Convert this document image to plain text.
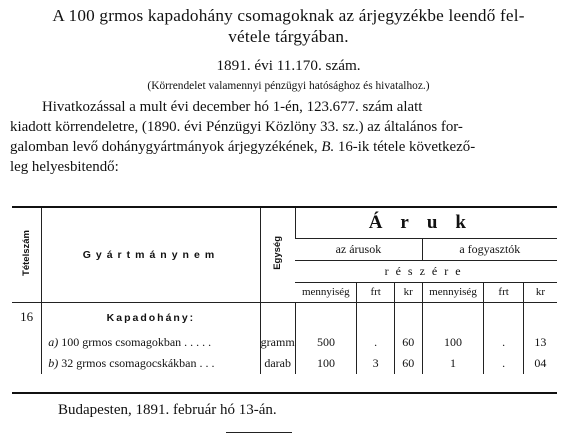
A 100 grmos kapadohány csomagoknak az árjegyzékbe leendő fel-
vétele tárgyában.
1891. évi 11.170. szám.
(Körrendelet valamennyi pénzügyi hatósághoz és hivatalhoz.)
Hivatkozással a mult évi december hó 1-én, 123.677. szám alatt
kiadott körrendeletre, (1890. évi Pénzügyi Közlöny 33. sz.) az általános for-
galomban levő dohánygyártmányok árjegyzékének, B. 16-ik tétele következő-
leg helyesbitendő:
Tételszám	Gyártmánynem	Egység	Áruk					
			az árusok			a fogyasztók		
			részére					
			mennyiség	frt	kr	mennyiség	frt	kr
16	Kapadohány:							
	a) 100 grmos csomagokban . . . . .	gramm	500	.	60	100	.	13
	b) 32 grmos csomagocskákban . . .	darab	100	3	60	1	.	04
Budapesten, 1891. február hó 13-án.
